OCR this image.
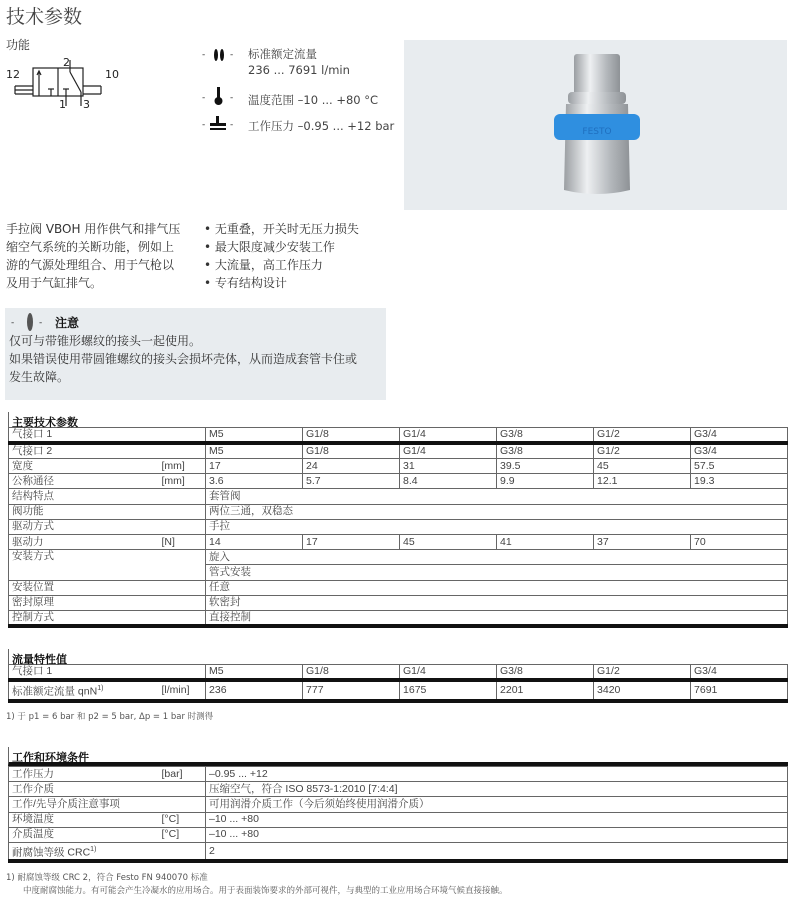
技术参数
功能
12
2
10
1 3
-	- 标准额定流量
236 ... 7691 l/min
-	- 温度范围 –10 ... +80 °C
-	- 工作压力 –0.95 ... +12 bar	FESTO
手拉阀 VBOH 用作供气和排气压
缩空气系统的关断功能，例如上
游的气源处理组合、用于气枪以
及用于气缸排气。
• 无重叠，开关时无压力损失
• 最大限度减少安装工作
• 大流量，高工作压力
• 专有结构设计
-	- 注意
仅可与带锥形螺纹的接头一起使用。
如果错误使用带圆锥螺纹的接头会损坏壳体，从而造成套管卡住或
发生故障。
主要技术参数
气接口 1		M5	G1/8	G1/4	G3/8	G1/2	G3/4
气接口 2		M5	G1/8	G1/4	G3/8	G1/2	G3/4
宽度	[mm]	17	24	31	39.5	45	57.5
公称通径	[mm]	3.6	5.7	8.4	9.9	12.1	19.3
结构特点		套管阀					
阀功能		两位三通，双稳态					
驱动方式		手拉					
驱动力	[N]	14	17	45	41	37	70
安装方式		旋入					
		管式安装					
安装位置		任意					
密封原理		软密封					
控制方式		直接控制					
流量特性值
气接口 1		M5	G1/8	G1/4	G3/8	G1/2	G3/4
标准额定流量 qnN$^{1)}$	[l/min]	236	777	1675	2201	3420	7691
1) 于 p1 = 6 bar 和 p2 = 5 bar, Δp = 1 bar 时测得
工作和环境条件
工作压力	[bar]	–0.95 ... +12
工作介质		压缩空气，符合 ISO 8573-1:2010 [7:4:4]
工作/先导介质注意事项		可用润滑介质工作（今后须始终使用润滑介质）
环境温度	[°C]	–10 ... +80
介质温度	[°C]	–10 ... +80
耐腐蚀等级 CRC$^{1)}$		2
1) 耐腐蚀等级 CRC 2，符合 Festo FN 940070 标准
中度耐腐蚀能力。有可能会产生冷凝水的应用场合。用于表面装饰要求的外部可视件，与典型的工业应用场合环境气候直接接触。
